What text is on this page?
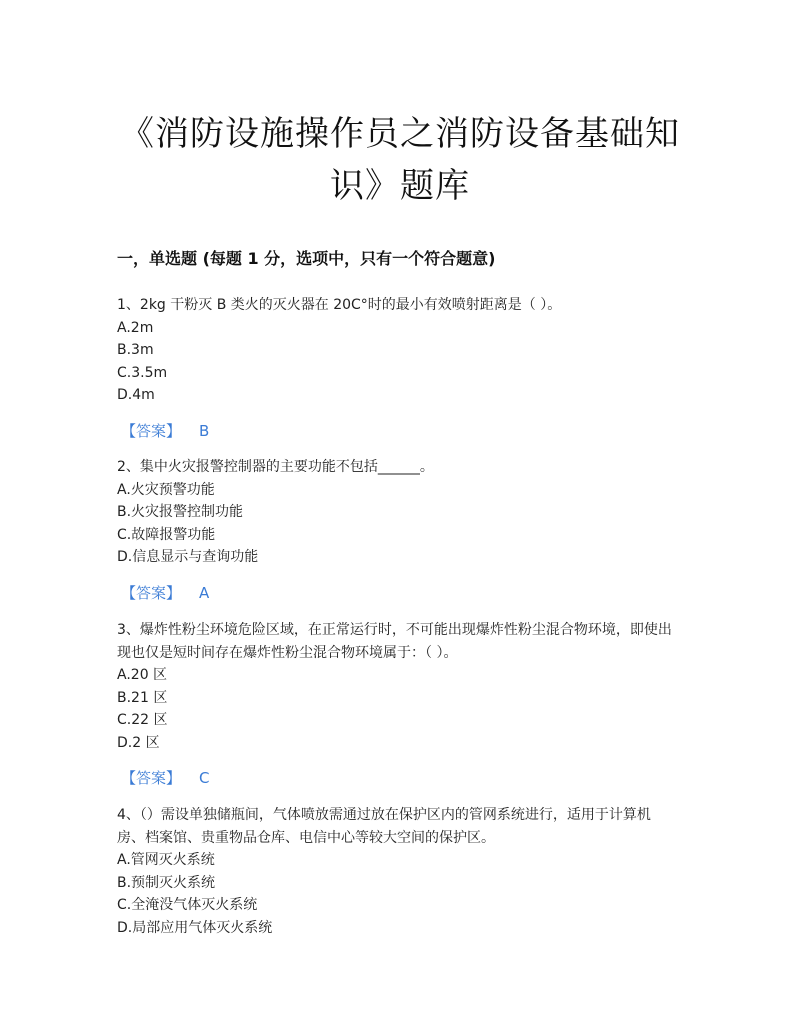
《消防设施操作员之消防设备基础知
识》题库
一，单选题 (每题 1 分，选项中，只有一个符合题意)
1、2kg 干粉灭 B 类火的灭火器在 20C°时的最小有效喷射距离是（ ）。
A.2m
B.3m
C.3.5m
D.4m
【答案】 B
2、集中火灾报警控制器的主要功能不包括______。
A.火灾预警功能
B.火灾报警控制功能
C.故障报警功能
D.信息显示与查询功能
【答案】 A
3、爆炸性粉尘环境危险区域，在正常运行时，不可能出现爆炸性粉尘混合物环境，即使出现也仅是短时间存在爆炸性粉尘混合物环境属于：（ ）。
A.20 区
B.21 区
C.22 区
D.2 区
【答案】 C
4、（）需设单独储瓶间，气体喷放需通过放在保护区内的管网系统进行，适用于计算机房、档案馆、贵重物品仓库、电信中心等较大空间的保护区。
A.管网灭火系统
B.预制灭火系统
C.全淹没气体灭火系统
D.局部应用气体灭火系统
